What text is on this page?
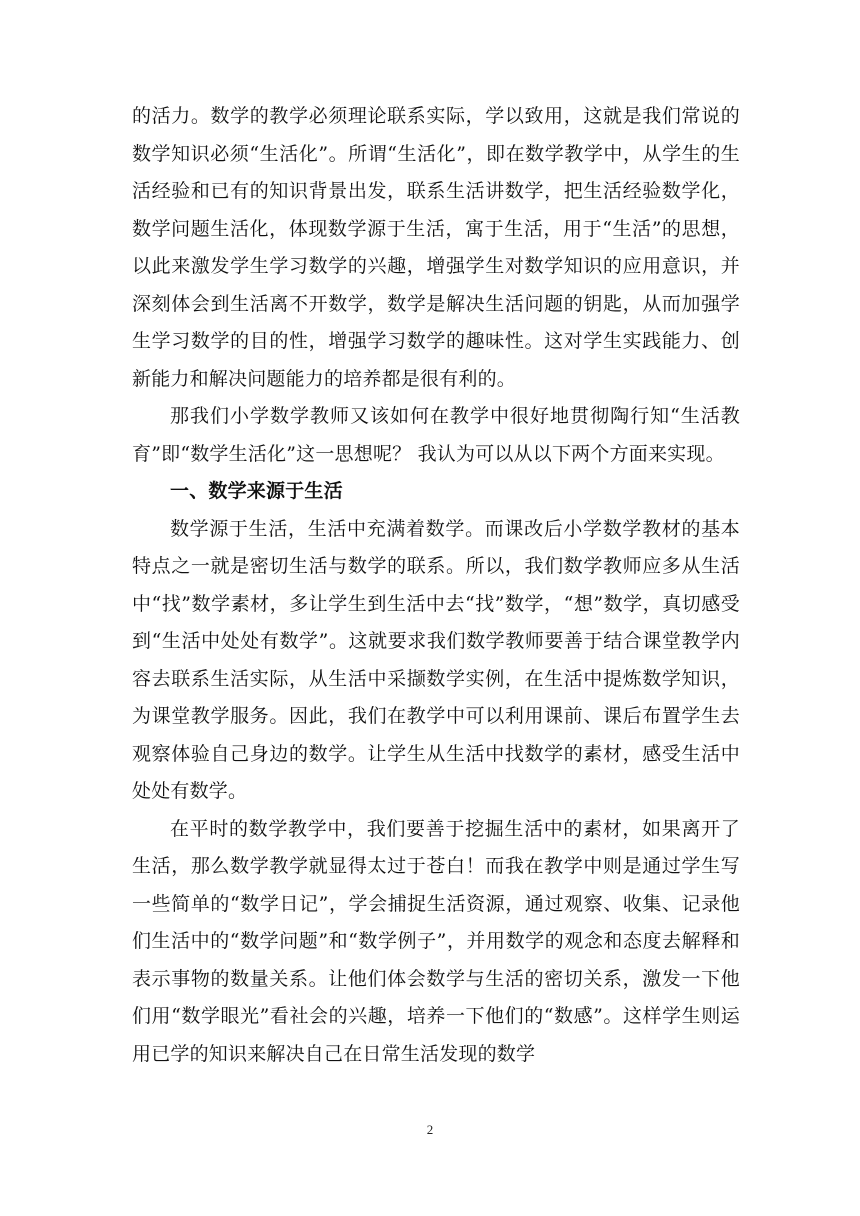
的活力。数学的教学必须理论联系实际，学以致用，这就是我们常说的数学知识必须“生活化”。所谓“生活化”，即在数学教学中，从学生的生活经验和已有的知识背景出发，联系生活讲数学，把生活经验数学化，数学问题生活化，体现数学源于生活，寓于生活，用于“生活”的思想，以此来激发学生学习数学的兴趣，增强学生对数学知识的应用意识，并深刻体会到生活离不开数学，数学是解决生活问题的钥匙，从而加强学生学习数学的目的性，增强学习数学的趣味性。这对学生实践能力、创新能力和解决问题能力的培养都是很有利的。

那我们小学数学教师又该如何在教学中很好地贯彻陶行知“生活教育”即“数学生活化”这一思想呢？ 我认为可以从以下两个方面来实现。

一、数学来源于生活

数学源于生活，生活中充满着数学。而课改后小学数学教材的基本特点之一就是密切生活与数学的联系。所以，我们数学教师应多从生活中“找”数学素材，多让学生到生活中去“找”数学，“想”数学，真切感受到“生活中处处有数学”。这就要求我们数学教师要善于结合课堂教学内容去联系生活实际，从生活中采撷数学实例，在生活中提炼数学知识，为课堂教学服务。因此，我们在教学中可以利用课前、课后布置学生去观察体验自己身边的数学。让学生从生活中找数学的素材，感受生活中处处有数学。

在平时的数学教学中，我们要善于挖掘生活中的素材，如果离开了生活，那么数学教学就显得太过于苍白！而我在教学中则是通过学生写一些简单的“数学日记”，学会捕捉生活资源，通过观察、收集、记录他们生活中的“数学问题”和“数学例子”，并用数学的观念和态度去解释和表示事物的数量关系。让他们体会数学与生活的密切关系，激发一下他们用“数学眼光”看社会的兴趣，培养一下他们的“数感”。这样学生则运用已学的知识来解决自己在日常生活发现的数学

2
